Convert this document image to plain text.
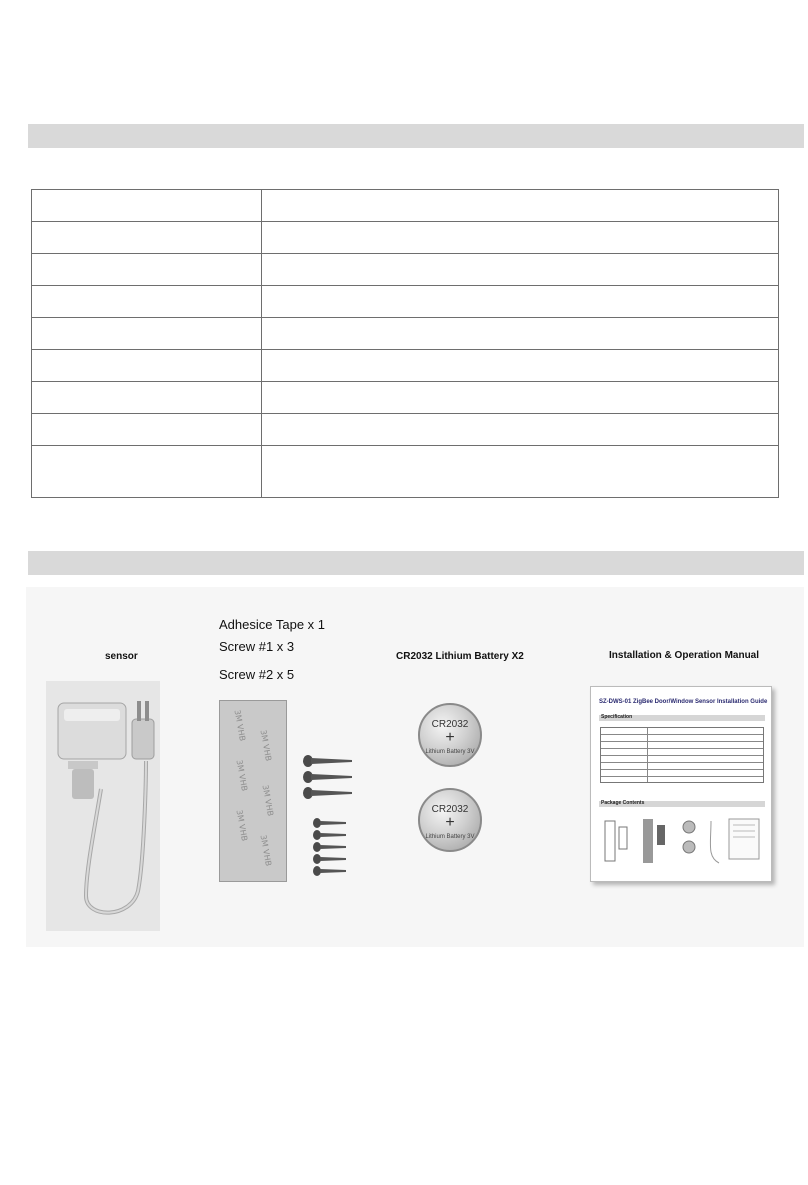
sensor
Adhesice Tape x 1
Screw #1 x 3
Screw #2 x 5
CR2032 Lithium Battery X2	Installation & Operation Manual
3M VHB
3M VHB
3M VHB
3M VHB
3M VHB
3M VHB
CR2032
+
Lithium Battery 3V
CR2032
+
Lithium Battery 3V
SZ-DWS-01 ZigBee Door/Window Sensor Installation Guide
Specification
Package Contents
